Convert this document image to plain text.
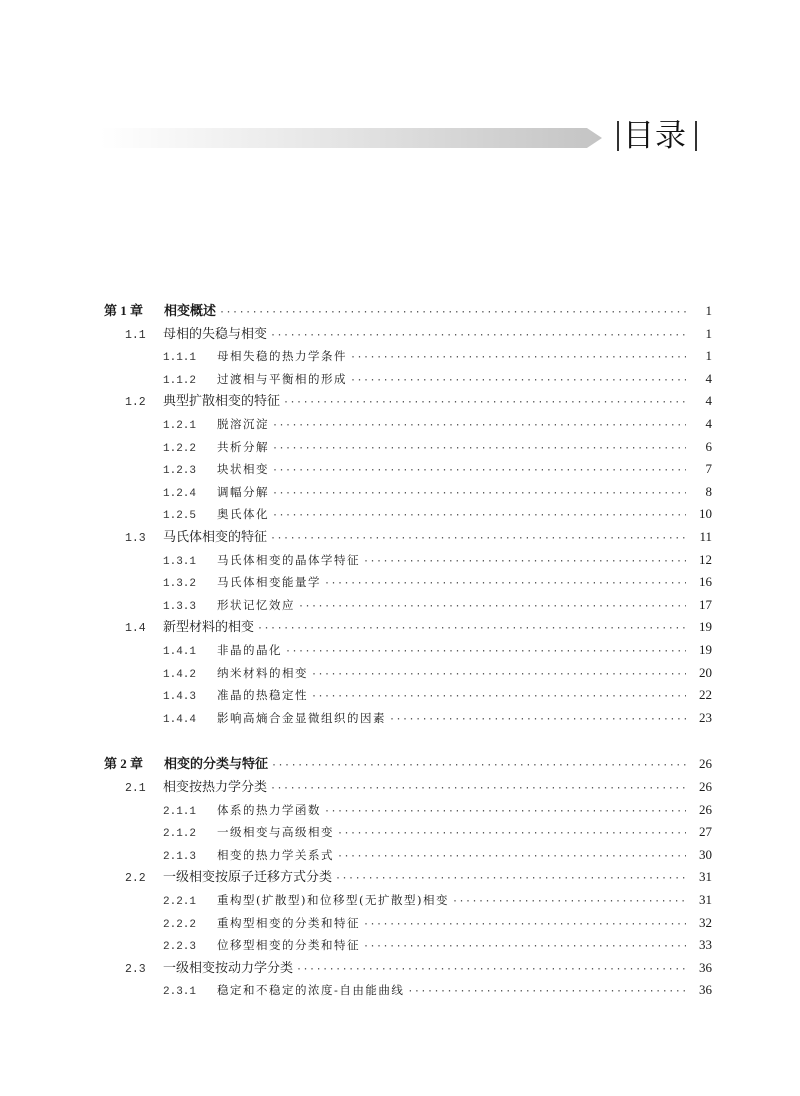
目录
第 1 章	相变概述 ·····	1
1.1	母相的失稳与相变 ·····	1
1.1.1	母相失稳的热力学条件 ·····	1
1.1.2	过渡相与平衡相的形成 ·····	4
1.2	典型扩散相变的特征 ·····	4
1.2.1	脱溶沉淀 ·····	4
1.2.2	共析分解 ·····	6
1.2.3	块状相变 ·····	7
1.2.4	调幅分解 ·····	8
1.2.5	奥氏体化 ·····	10
1.3	马氏体相变的特征 ·····	11
1.3.1	马氏体相变的晶体学特征 ·····	12
1.3.2	马氏体相变能量学 ·····	16
1.3.3	形状记忆效应 ·····	17
1.4	新型材料的相变 ·····	19
1.4.1	非晶的晶化 ·····	19
1.4.2	纳米材料的相变 ·····	20
1.4.3	准晶的热稳定性 ·····	22
1.4.4	影响高熵合金显微组织的因素 ·····	23
第 2 章	相变的分类与特征 ·····	26
2.1	相变按热力学分类 ·····	26
2.1.1	体系的热力学函数 ·····	26
2.1.2	一级相变与高级相变 ·····	27
2.1.3	相变的热力学关系式 ·····	30
2.2	一级相变按原子迁移方式分类 ·····	31
2.2.1	重构型(扩散型)和位移型(无扩散型)相变 ·····	31
2.2.2	重构型相变的分类和特征 ·····	32
2.2.3	位移型相变的分类和特征 ·····	33
2.3	一级相变按动力学分类 ·····	36
2.3.1	稳定和不稳定的浓度-自由能曲线 ·····	36
